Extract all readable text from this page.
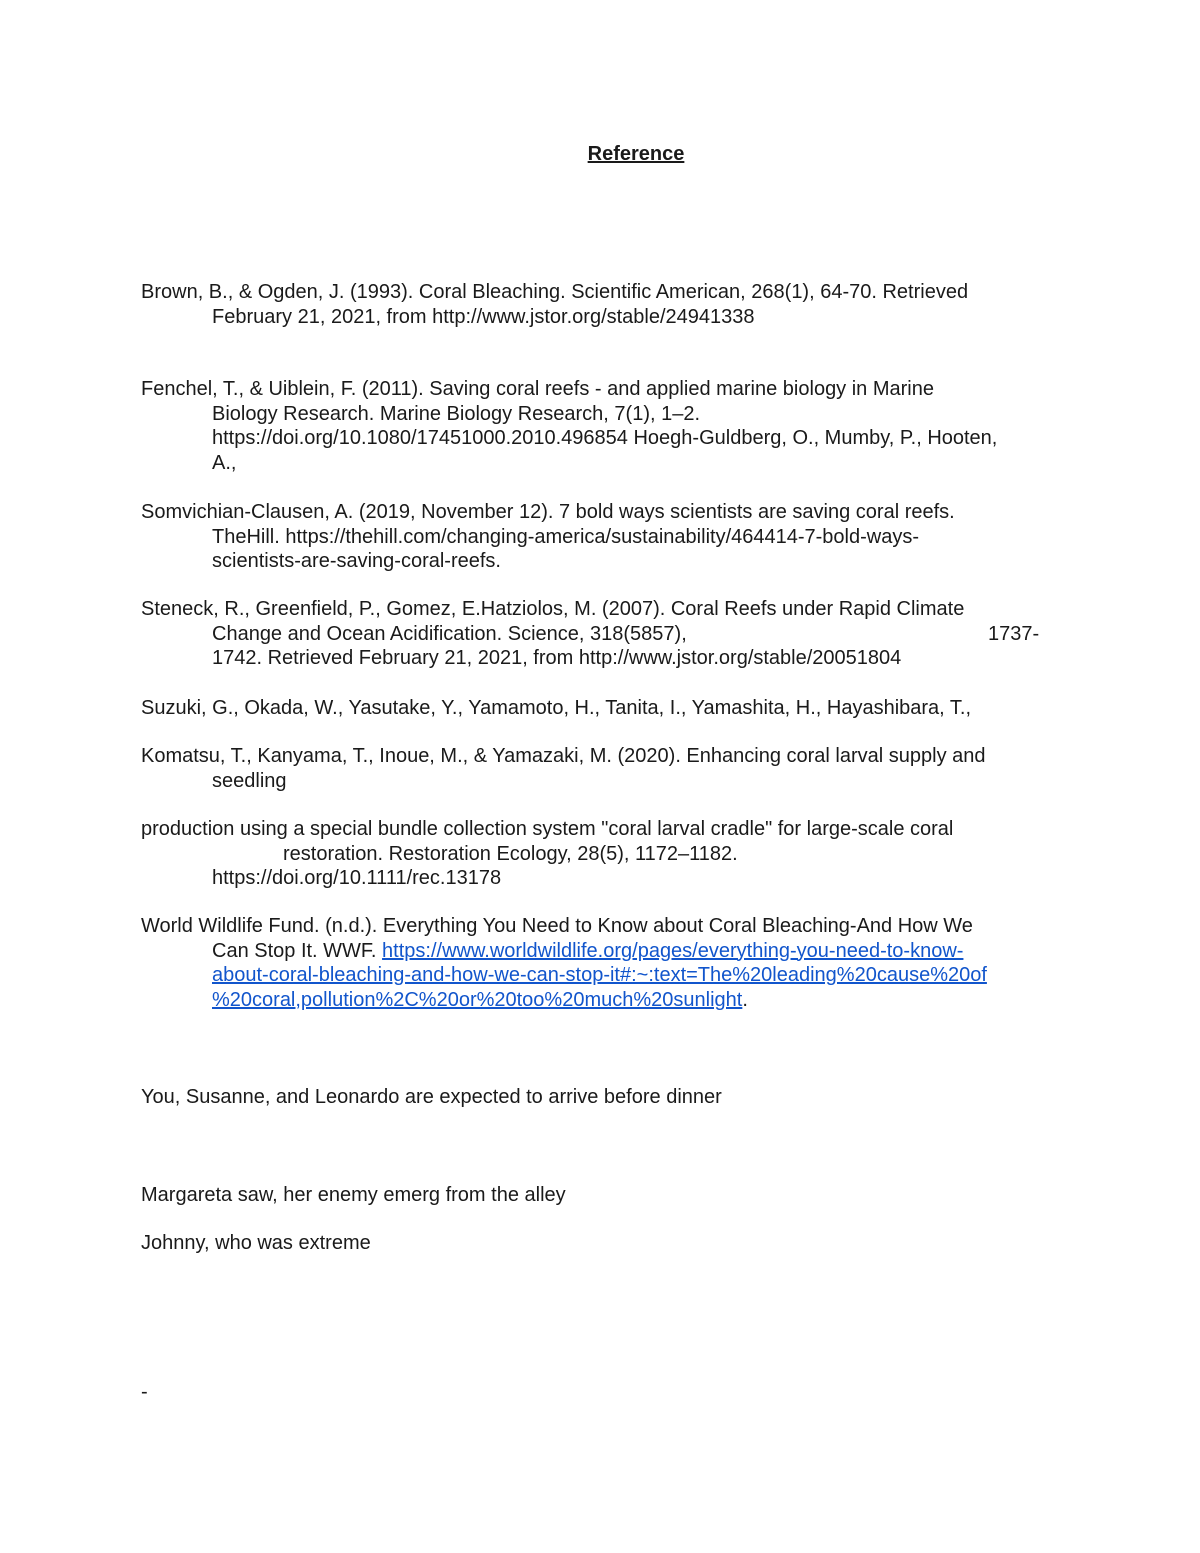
Reference
Brown, B., & Ogden, J. (1993). Coral Bleaching. Scientific American, 268(1), 64-70. Retrieved
February 21, 2021, from http://www.jstor.org/stable/24941338
Fenchel, T., & Uiblein, F. (2011). Saving coral reefs - and applied marine biology in Marine
Biology Research. Marine Biology Research, 7(1), 1–2.
https://doi.org/10.1080/17451000.2010.496854 Hoegh-Guldberg, O., Mumby, P., Hooten,
A.,
Somvichian-Clausen, A. (2019, November 12). 7 bold ways scientists are saving coral reefs.
TheHill. https://thehill.com/changing-america/sustainability/464414-7-bold-ways-
scientists-are-saving-coral-reefs.
Steneck, R., Greenfield, P., Gomez, E.Hatziolos, M. (2007). Coral Reefs under Rapid Climate
Change and Ocean Acidification. Science, 318(5857),	1737-
1742. Retrieved February 21, 2021, from http://www.jstor.org/stable/20051804
Suzuki, G., Okada, W., Yasutake, Y., Yamamoto, H., Tanita, I., Yamashita, H., Hayashibara, T.,
Komatsu, T., Kanyama, T., Inoue, M., & Yamazaki, M. (2020). Enhancing coral larval supply and
seedling
production using a special bundle collection system "coral larval cradle" for large-scale coral
restoration. Restoration Ecology, 28(5), 1172–1182.
https://doi.org/10.1111/rec.13178
World Wildlife Fund. (n.d.). Everything You Need to Know about Coral Bleaching-And How We
Can Stop It. WWF. https://www.worldwildlife.org/pages/everything-you-need-to-know-
about-coral-bleaching-and-how-we-can-stop-it#:~:text=The%20leading%20cause%20of
%20coral,pollution%2C%20or%20too%20much%20sunlight.
You, Susanne, and Leonardo are expected to arrive before dinner
Margareta saw, her enemy emerg from the alley
Johnny, who was extreme
-
